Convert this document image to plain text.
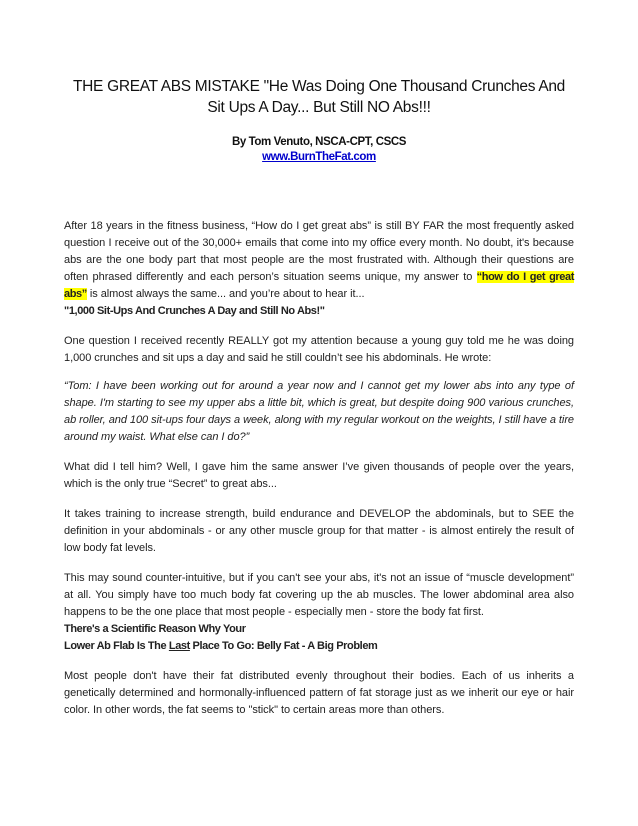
THE GREAT ABS MISTAKE "He Was Doing One Thousand Crunches And
Sit Ups A Day... But Still NO Abs!!!
By Tom Venuto, NSCA-CPT, CSCS
www.BurnTheFat.com

After 18 years in the fitness business, “How do I get great abs” is still BY FAR the most frequently asked question I receive out of the 30,000+ emails that come into my office every month. No doubt, it's because abs are the one body part that most people are the most frustrated with. Although their questions are often phrased differently and each person’s situation seems unique, my answer to “how do I get great abs” is almost always the same... and you’re about to hear it...

"1,000 Sit-Ups And Crunches A Day and Still No Abs!"

One question I received recently REALLY got my attention because a young guy told me he was doing 1,000 crunches and sit ups a day and said he still couldn’t see his abdominals. He wrote:

“Tom: I have been working out for around a year now and I cannot get my lower abs into any type of shape. I'm starting to see my upper abs a little bit, which is great, but despite doing 900 various crunches, ab roller, and 100 sit-ups four days a week, along with my regular workout on the weights, I still have a tire around my waist. What else can I do?”

What did I tell him? Well, I gave him the same answer I’ve given thousands of people over the years, which is the only true “Secret” to great abs...

It takes training to increase strength, build endurance and DEVELOP the abdominals, but to SEE the definition in your abdominals - or any other muscle group for that matter - is almost entirely the result of low body fat levels.

This may sound counter-intuitive, but if you can't see your abs, it's not an issue of “muscle development” at all. You simply have too much body fat covering up the ab muscles. The lower abdominal area also happens to be the one place that most people - especially men - store the body fat first.

There's a Scientific Reason Why Your
Lower Ab Flab Is The Last Place To Go: Belly Fat - A Big Problem

Most people don't have their fat distributed evenly throughout their bodies. Each of us inherits a genetically determined and hormonally-influenced pattern of fat storage just as we inherit our eye or hair color. In other words, the fat seems to "stick" to certain areas more than others.
